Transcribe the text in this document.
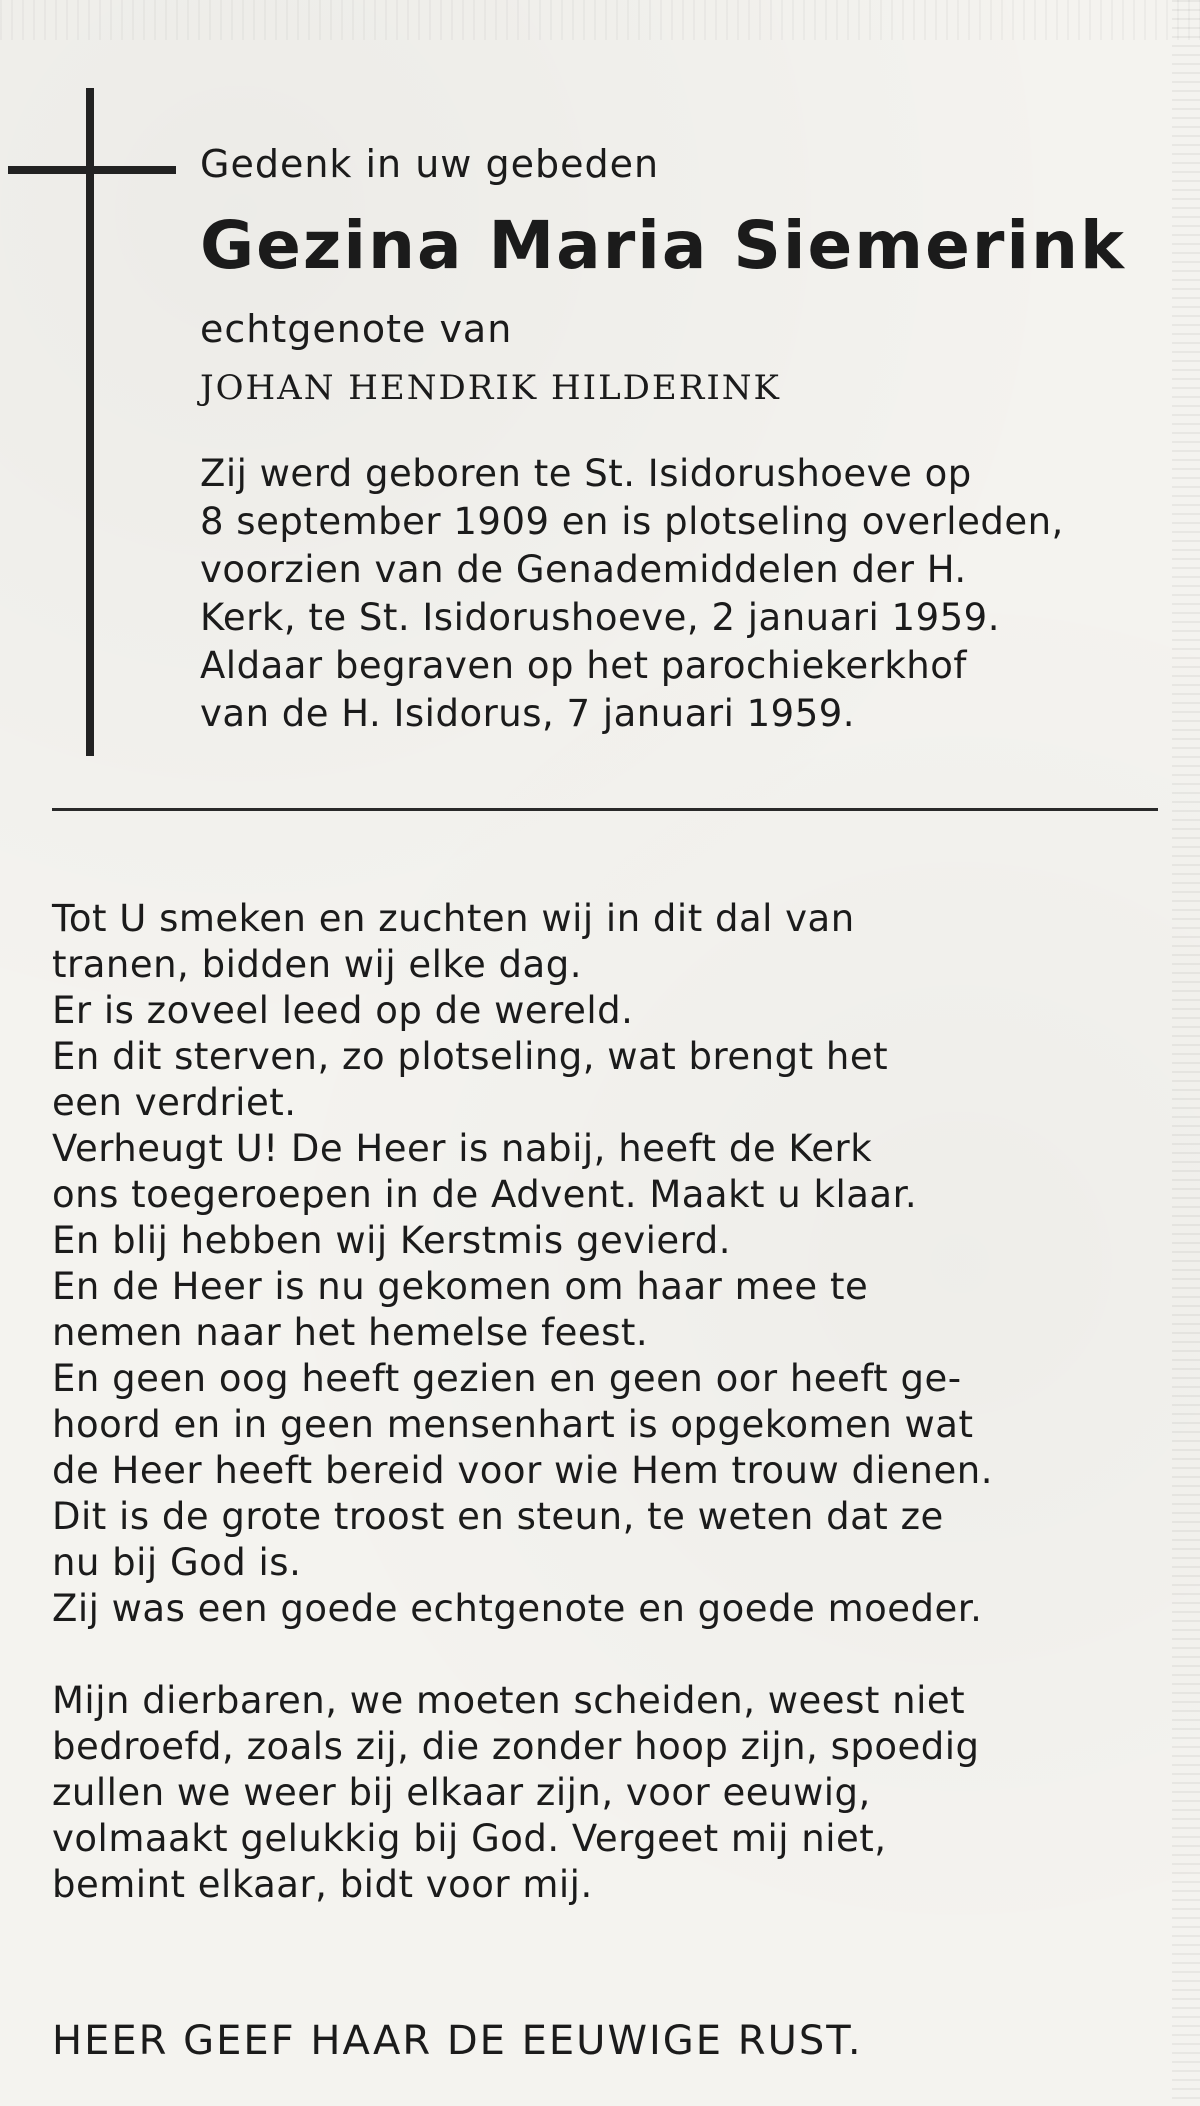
Gedenk in uw gebeden
Gezina Maria Siemerink
echtgenote van
JOHAN HENDRIK HILDERINK
Zij werd geboren te St. Isidorushoeve op
8 september 1909 en is plotseling overleden,
voorzien van de Genademiddelen der H.
Kerk, te St. Isidorushoeve, 2 januari 1959.
Aldaar begraven op het parochiekerkhof
van de H. Isidorus, 7 januari 1959.
Tot U smeken en zuchten wij in dit dal van
tranen, bidden wij elke dag.
Er is zoveel leed op de wereld.
En dit sterven, zo plotseling, wat brengt het
een verdriet.
Verheugt U! De Heer is nabij, heeft de Kerk
ons toegeroepen in de Advent. Maakt u klaar.
En blij hebben wij Kerstmis gevierd.
En de Heer is nu gekomen om haar mee te
nemen naar het hemelse feest.
En geen oog heeft gezien en geen oor heeft ge-
hoord en in geen mensenhart is opgekomen wat
de Heer heeft bereid voor wie Hem trouw dienen.
Dit is de grote troost en steun, te weten dat ze
nu bij God is.
Zij was een goede echtgenote en goede moeder.
Mijn dierbaren, we moeten scheiden, weest niet
bedroefd, zoals zij, die zonder hoop zijn, spoedig
zullen we weer bij elkaar zijn, voor eeuwig,
volmaakt gelukkig bij God. Vergeet mij niet,
bemint elkaar, bidt voor mij.
HEER GEEF HAAR DE EEUWIGE RUST.
